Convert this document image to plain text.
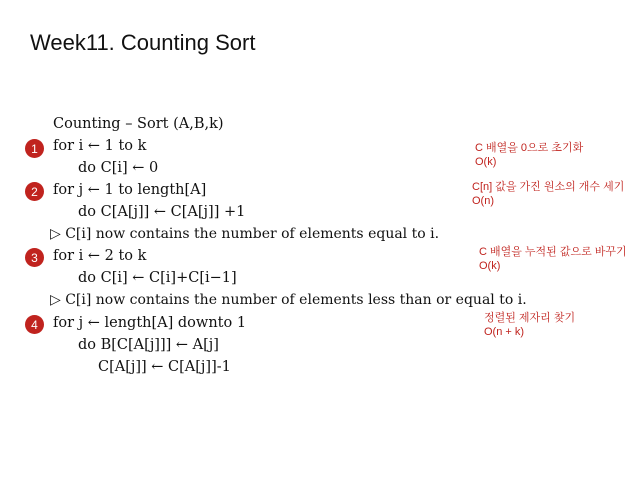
Week11. Counting Sort
Counting – Sort (A,B,k)
1
2
3
4
for i ← 1 to k
do C[i] ← 0
for j ← 1 to length[A]
do C[A[j]] ← C[A[j]] +1
▷ C[i] now contains the number of elements equal to i.
for i ← 2 to k
do C[i] ← C[i]+C[i−1]
▷ C[i] now contains the number of elements less than or equal to i.
for j ← length[A] downto 1
do B[C[A[j]]] ← A[j]
C[A[j]] ← C[A[j]]-1
C 배열을 0으로 초기화
O(k)
C[n] 값을 가진 원소의 개수 세기
O(n)
C 배열을 누적된 값으로 바꾸기
O(k)
정렬된 제자리 찾기
O(n + k)
